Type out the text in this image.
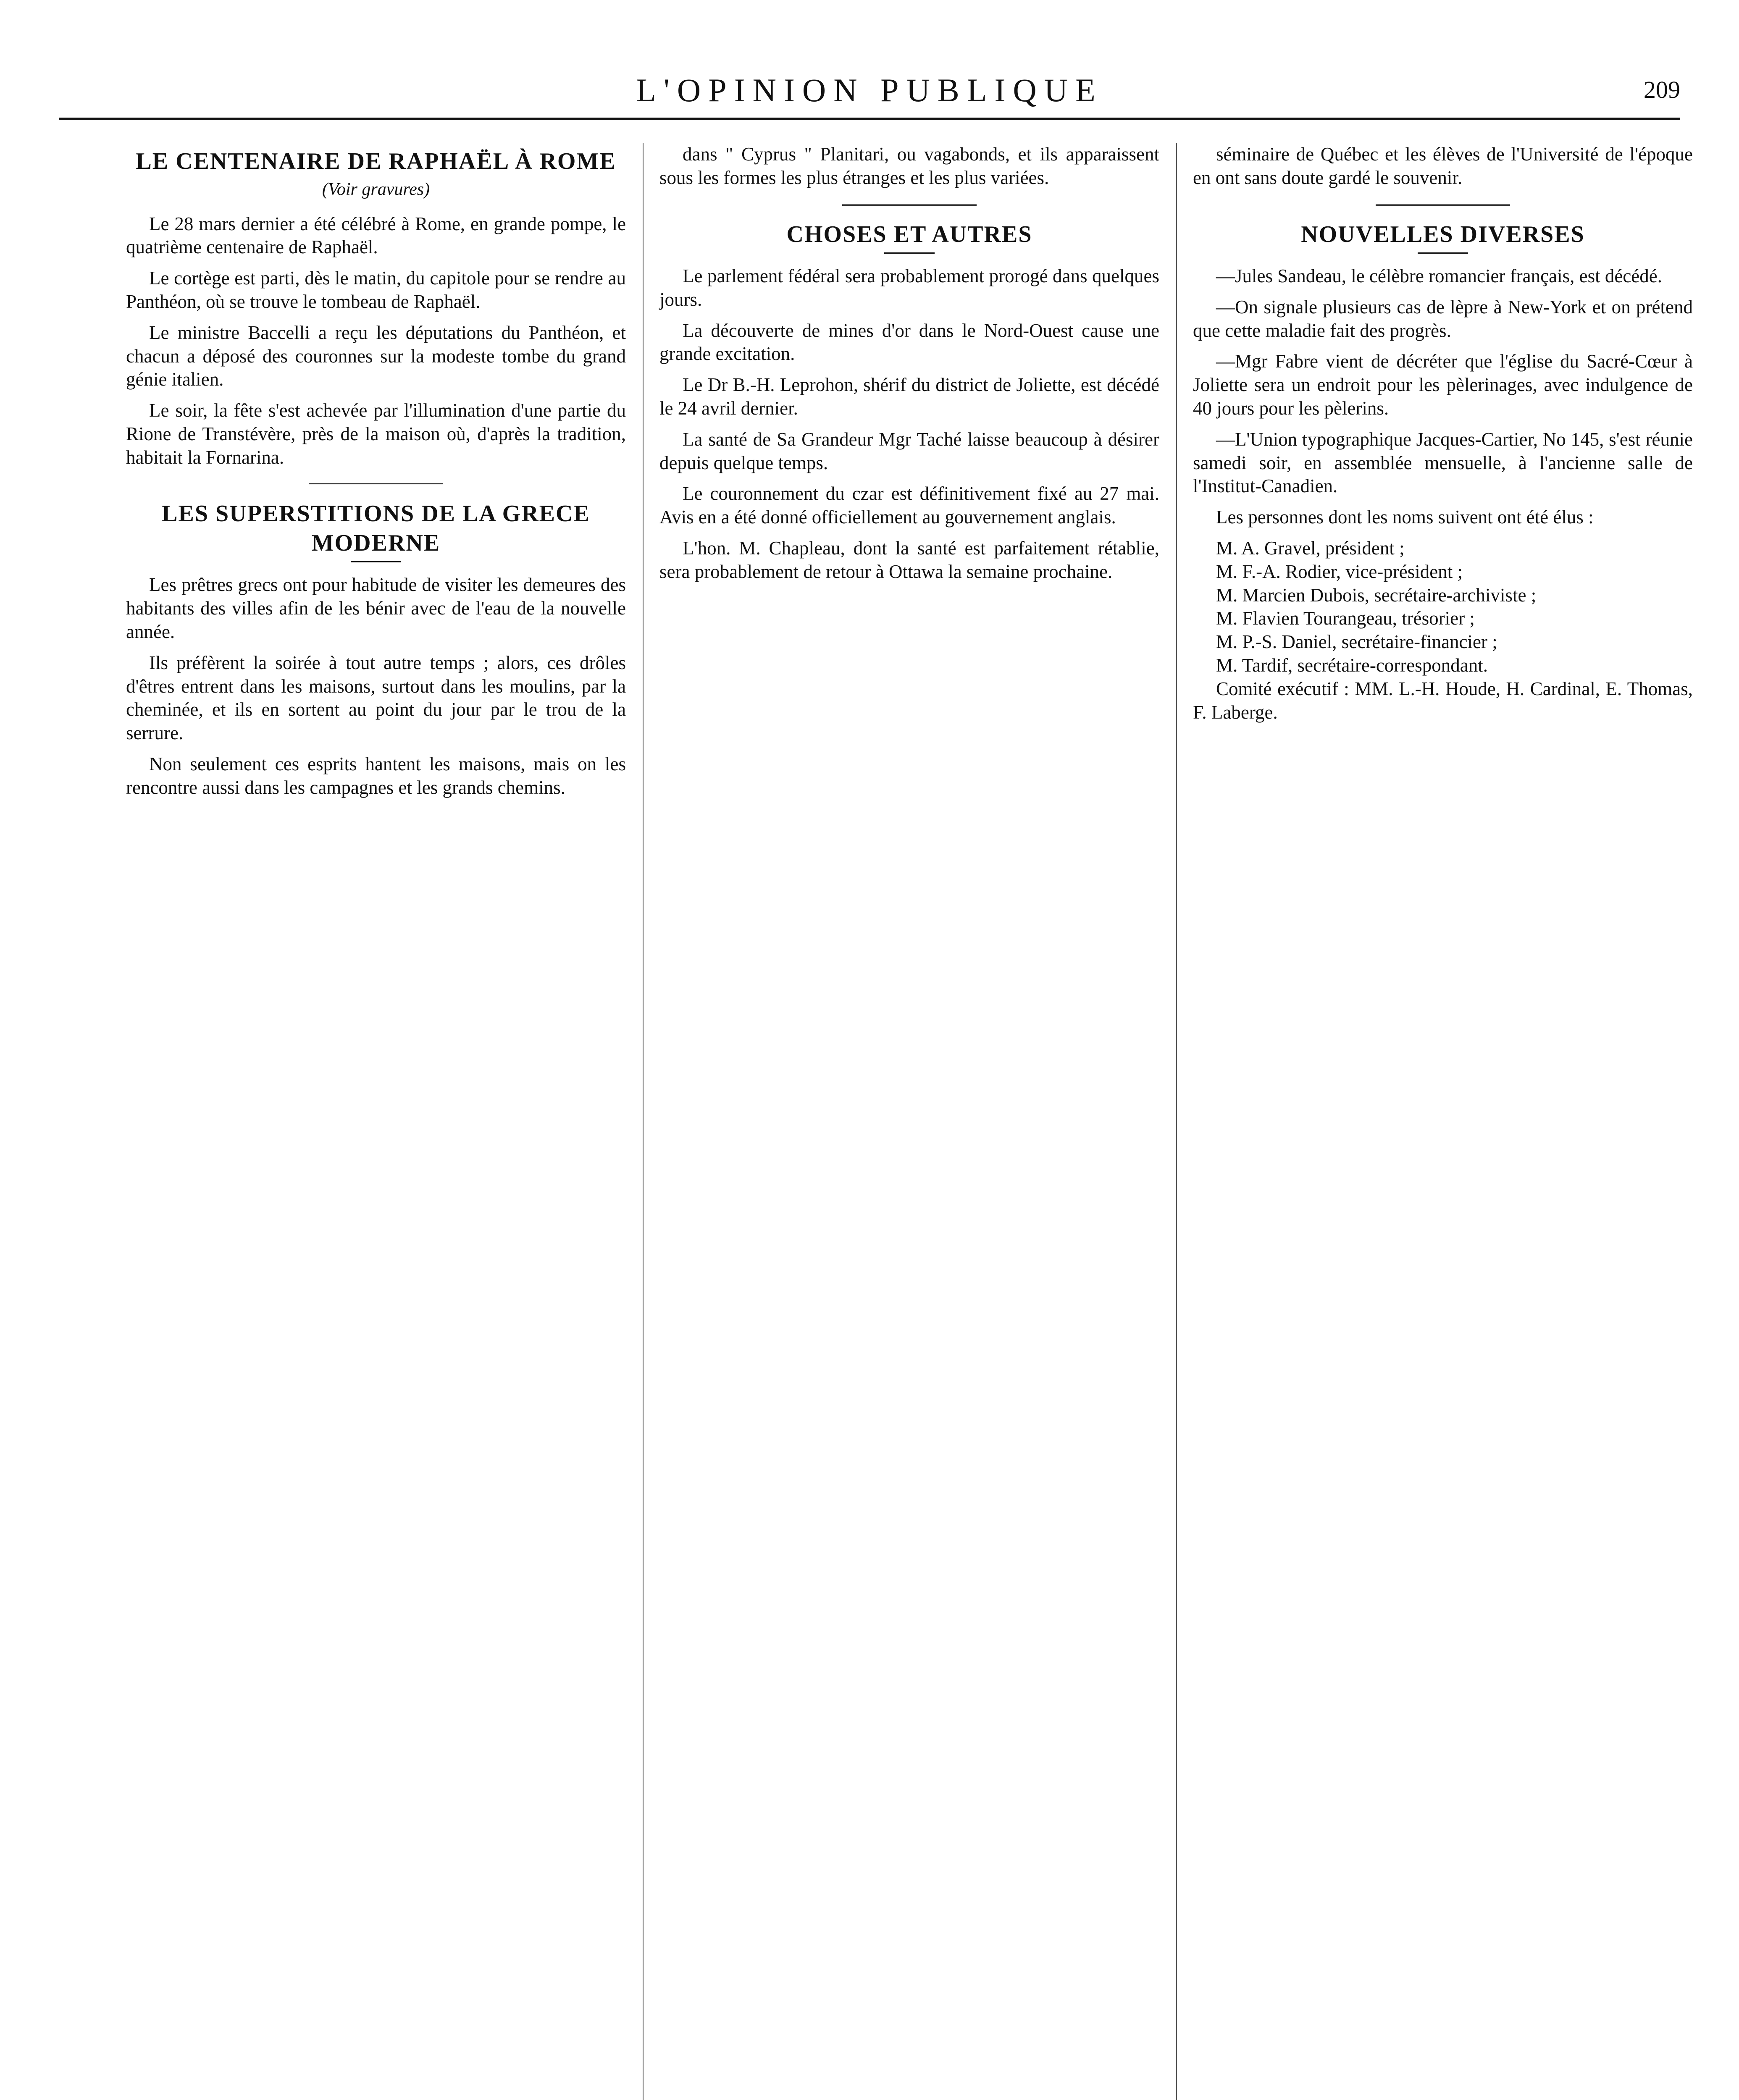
L'OPINION PUBLIQUE	209
LE CENTENAIRE DE RAPHAËL À ROME
(Voir gravures)

Le 28 mars dernier a été célébré à Rome, en grande pompe, le quatrième centenaire de Raphaël.

Le cortège est parti, dès le matin, du capitole pour se rendre au Panthéon, où se trouve le tombeau de Raphaël.

Le ministre Baccelli a reçu les députations du Panthéon, et chacun a déposé des couronnes sur la modeste tombe du grand génie italien.

Le soir, la fête s'est achevée par l'illumination d'une partie du Rione de Transtévère, près de la maison où, d'après la tradition, habitait la Fornarina.

LES SUPERSTITIONS DE LA GRECE MODERNE

Les prêtres grecs ont pour habitude de visiter les demeures des habitants des villes afin de les bénir avec de l'eau de la nouvelle année.

Ils préfèrent la soirée à tout autre temps ; alors, ces drôles d'êtres entrent dans les maisons, surtout dans les moulins, par la cheminée, et ils en sortent au point du jour par le trou de la serrure.

Non seulement ces esprits hantent les maisons, mais on les rencontre aussi dans les campagnes et les grands chemins.

dans " Cyprus " Planitari, ou vagabonds, et ils apparaissent sous les formes les plus étranges et les plus variées.

CHOSES ET AUTRES

Le parlement fédéral sera probablement prorogé dans quelques jours.

La découverte de mines d'or dans le Nord-Ouest cause une grande excitation.

Le Dr B.-H. Leprohon, shérif du district de Joliette, est décédé le 24 avril dernier.

La santé de Sa Grandeur Mgr Taché laisse beaucoup à désirer depuis quelque temps.

Le couronnement du czar est définitivement fixé au 27 mai. Avis en a été donné officiellement au gouvernement anglais.

L'hon. M. Chapleau, dont la santé est parfaitement rétablie, sera probablement de retour à Ottawa la semaine prochaine.

séminaire de Québec et les élèves de l'Université de l'époque en ont sans doute gardé le souvenir.

NOUVELLES DIVERSES

—Jules Sandeau, le célèbre romancier français, est décédé.

—On signale plusieurs cas de lèpre à New-York et on prétend que cette maladie fait des progrès.

—Mgr Fabre vient de décréter que l'église du Sacré-Cœur à Joliette sera un endroit pour les pèlerinages, avec indulgence de 40 jours pour les pèlerins.

—L'Union typographique Jacques-Cartier, No 145, s'est réunie samedi soir, en assemblée mensuelle, à l'ancienne salle de l'Institut-Canadien.

Les personnes dont les noms suivent ont été élus :

M. A. Gravel, président ;
M. F.-A. Rodier, vice-président ;
M. Marcien Dubois, secrétaire-archiviste ;
M. Flavien Tourangeau, trésorier ;
M. P.-S. Daniel, secrétaire-financier ;
M. Tardif, secrétaire-correspondant.

Comité exécutif : MM. L.-H. Houde, H. Cardinal, E. Thomas, F. Laberge.
